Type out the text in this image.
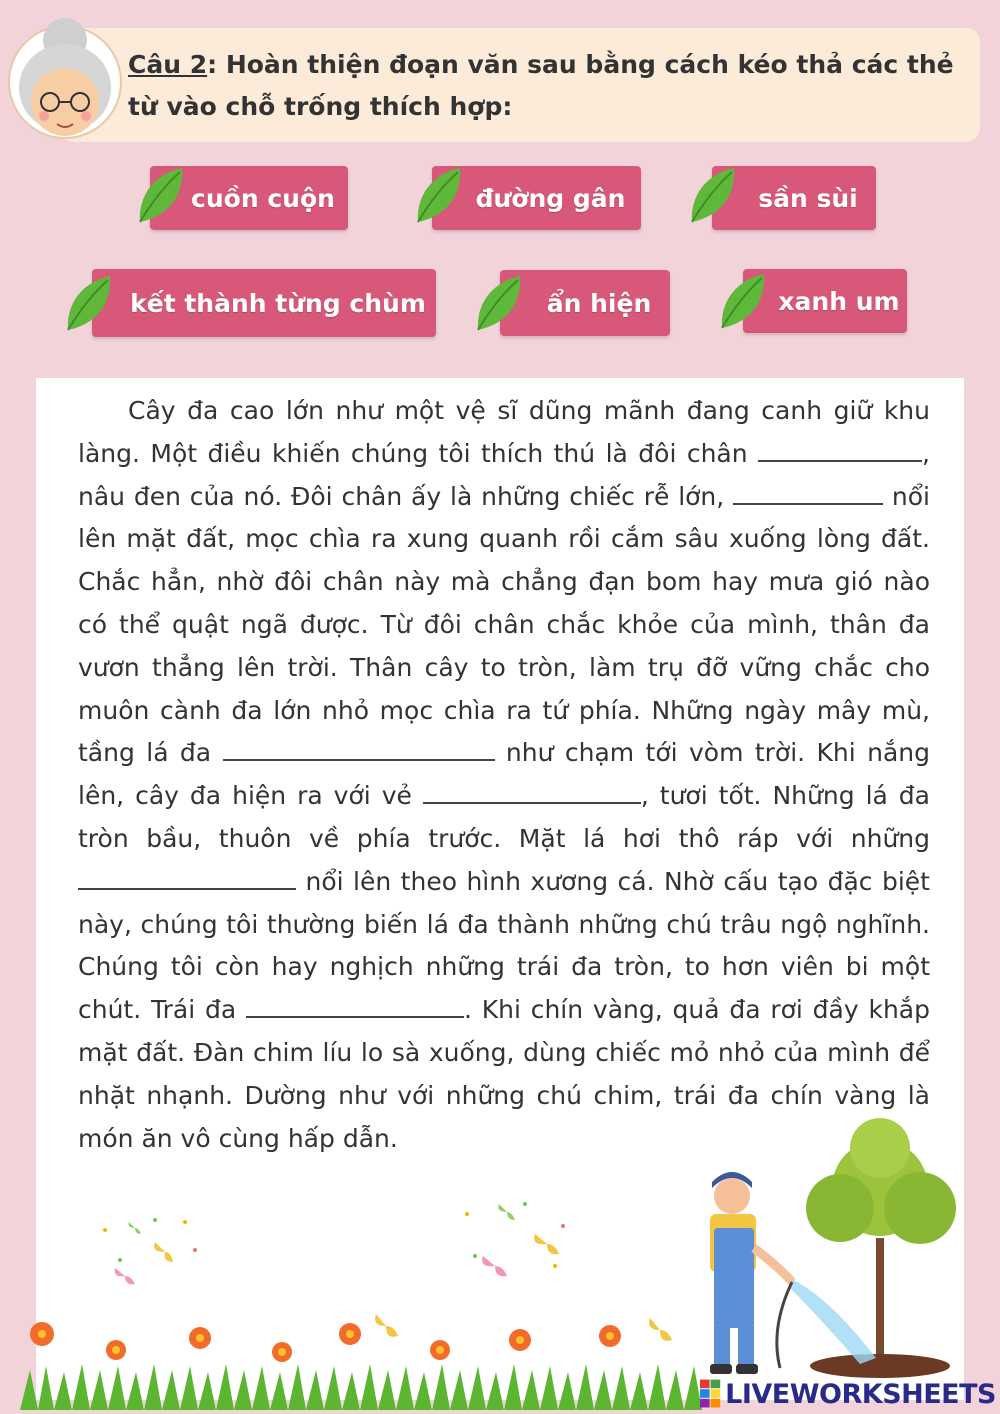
Câu 2: Hoàn thiện đoạn văn sau bằng cách kéo thả các thẻ từ vào chỗ trống thích hợp:
cuồn cuộn	đường gân	sần sùi
kết thành từng chùm	ẩn hiện	xanh um
Cây đa cao lớn như một vệ sĩ dũng mãnh đang canh giữ khu làng. Một điều khiến chúng tôi thích thú là đôi chân	, nâu đen của nó. Đôi chân ấy là những chiếc rễ lớn,	nổi lên mặt đất, mọc chìa ra xung quanh rồi cắm sâu xuống lòng đất. Chắc hẳn, nhờ đôi chân này mà chẳng đạn bom hay mưa gió nào có thể quật ngã được. Từ đôi chân chắc khỏe của mình, thân đa vươn thẳng lên trời. Thân cây to tròn, làm trụ đỡ vững chắc cho muôn cành đa lớn nhỏ mọc chìa ra tứ phía. Những ngày mây mù, tầng lá đa	như chạm tới vòm trời. Khi nắng lên, cây đa hiện ra với vẻ	, tươi tốt. Những lá đa tròn bầu, thuôn về phía trước. Mặt lá hơi thô ráp với những  nổi lên theo hình xương cá. Nhờ cấu tạo đặc biệt này, chúng tôi thường biến lá đa thành những chú trâu ngộ nghĩnh. Chúng tôi còn hay nghịch những trái đa tròn, to hơn viên bi một chút. Trái đa	. Khi chín vàng, quả đa rơi đầy khắp mặt đất. Đàn chim líu lo sà xuống, dùng chiếc mỏ nhỏ của mình để nhặt nhạnh. Dường như với những chú chim, trái đa chín vàng là món ăn vô cùng hấp dẫn.
LIVEWORKSHEETS
